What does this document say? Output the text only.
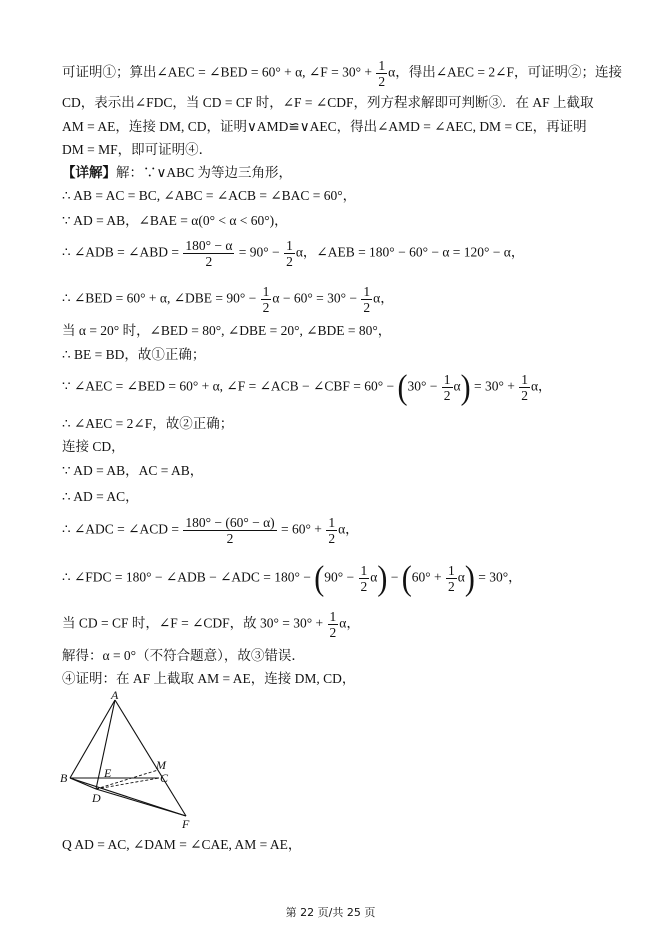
可证明①；算出∠AEC = ∠BED = 60° + α, ∠F = $30^\circ + \frac{1}{2}$ α，得出∠AEC = 2∠F，可证明②；连接
CD，表示出∠FDC，当 CD = CF 时，∠F = ∠CDF，列方程求解即可判断③．在 AF 上截取
AM = AE，连接 DM, CD，证明∨AMD≌∨AEC，得出∠AMD = ∠AEC, DM = CE，再证明
DM = MF，即可证明④．
【详解】解：∵∨ABC 为等边三角形，
∴ AB = AC = BC, ∠ABC = ∠ACB = ∠BAC = 60°，
∵ AD = AB，∠BAE = α(0° < α < 60°)，
∴ ∠ADB = ∠ABD = $\frac{180^\circ - \alpha}{2} = 90^\circ - \frac{1}{2}$ α，∠AEB = 180° − 60° − α = 120° − α，
∴ ∠BED = 60° + α, ∠DBE = $90^\circ - \frac{1}{2}$ $\alpha - 60^\circ = 30^\circ - \frac{1}{2}$ α，
当 α = 20° 时，∠BED = 80°, ∠DBE = 20°, ∠BDE = 80°，
∴ BE = BD，故①正确；
∵ ∠AEC = ∠BED = 60° + α, ∠F = ∠ACB − ∠CBF = $60^\circ - (30^\circ - \frac{1}{2} \alpha) = 30^\circ + \frac{1}{2}$ α，
∴ ∠AEC = 2∠F，故②正确；
连接 CD，
∵ AD = AB，AC = AB，
∴ AD = AC，
∴ ∠ADC = ∠ACD = $\frac{180^\circ - (60^\circ - \alpha)}{2} = 60^\circ + \frac{1}{2}$ α，
∴ ∠FDC = 180° − ∠ADB − ∠ADC = $180^\circ - (90^\circ - \frac{1}{2} \alpha) - (60^\circ + \frac{1}{2} \alpha) = 30^\circ$，
当 CD = CF 时，∠F = ∠CDF，故 $30^\circ = 30^\circ + \frac{1}{2}$ α，
解得：α = 0°（不符合题意），故③错误．
④证明：在 AF 上截取 AM = AE，连接 DM, CD，
A
B	C
D
E
M
F
Q AD = AC, ∠DAM = ∠CAE, AM = AE，
第 22 页/共 25 页
